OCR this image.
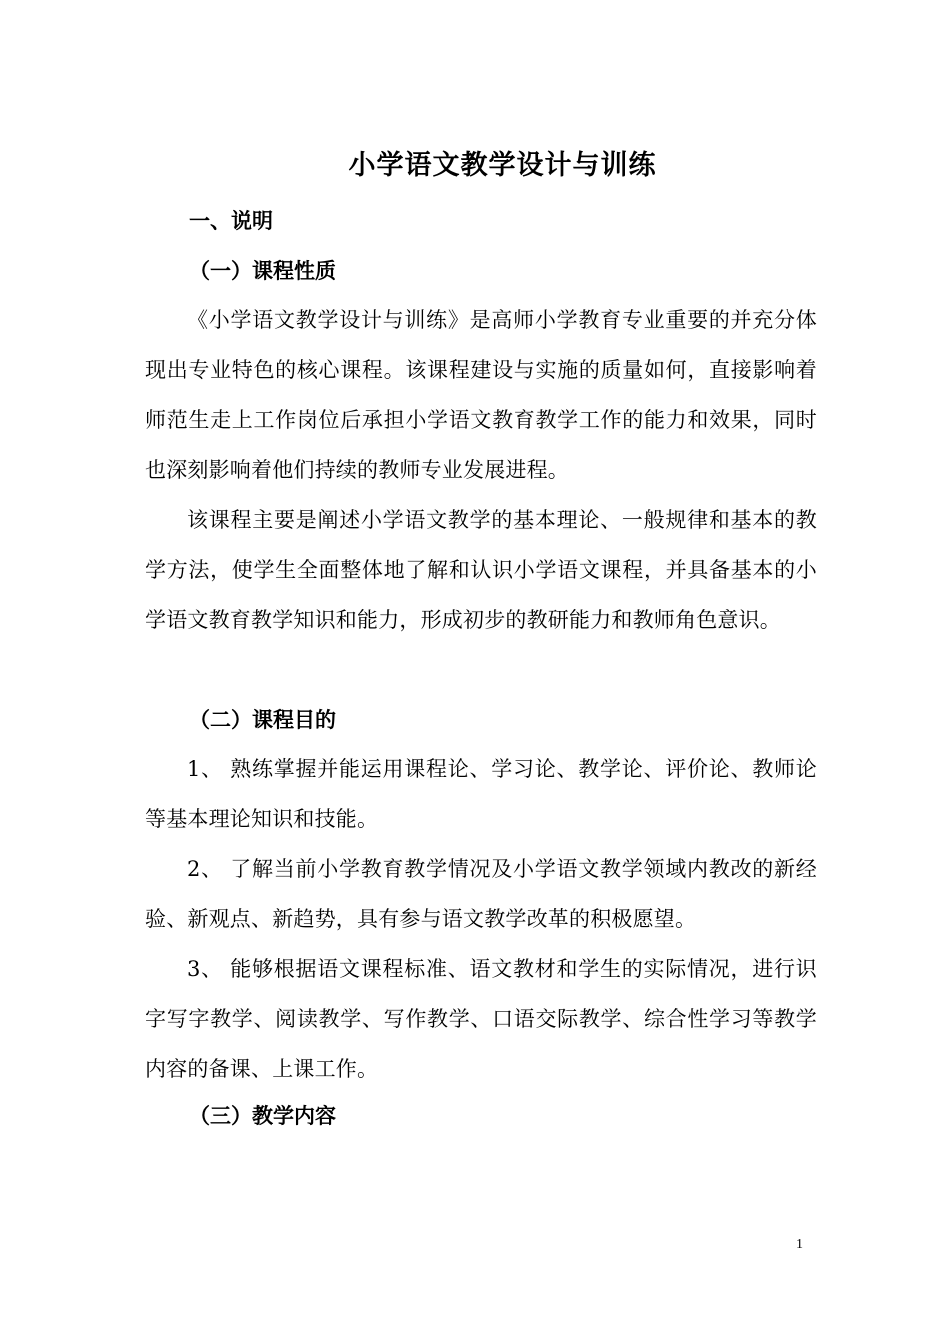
小学语文教学设计与训练
一、说明
（一）课程性质
《小学语文教学设计与训练》是高师小学教育专业重要的并充分体现出专业特色的核心课程。该课程建设与实施的质量如何，直接影响着师范生走上工作岗位后承担小学语文教育教学工作的能力和效果，同时也深刻影响着他们持续的教师专业发展进程。
该课程主要是阐述小学语文教学的基本理论、一般规律和基本的教学方法，使学生全面整体地了解和认识小学语文课程，并具备基本的小学语文教育教学知识和能力，形成初步的教研能力和教师角色意识。
（二）课程目的
1、 熟练掌握并能运用课程论、学习论、教学论、评价论、教师论等基本理论知识和技能。
2、 了解当前小学教育教学情况及小学语文教学领域内教改的新经验、新观点、新趋势，具有参与语文教学改革的积极愿望。
3、 能够根据语文课程标准、语文教材和学生的实际情况，进行识字写字教学、阅读教学、写作教学、口语交际教学、综合性学习等教学内容的备课、上课工作。
（三）教学内容
1
